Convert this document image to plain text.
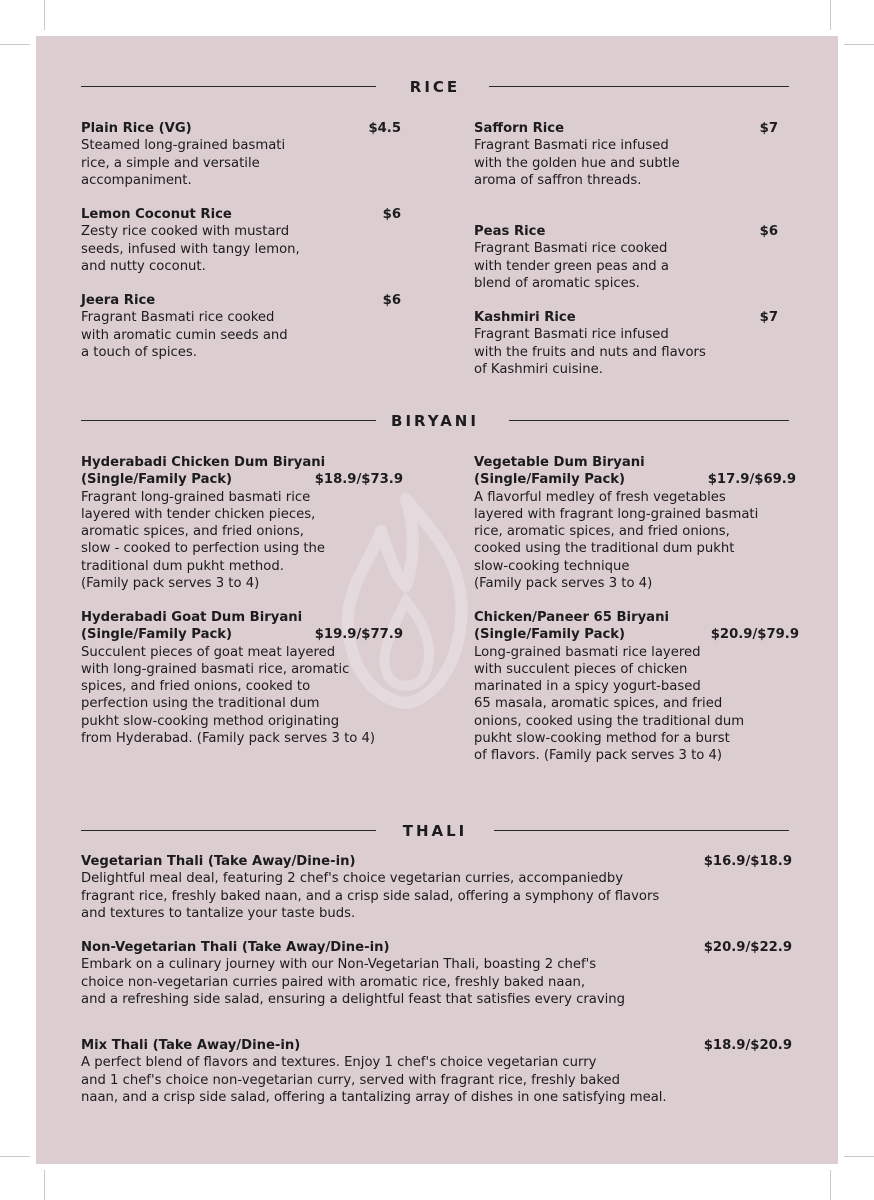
RICE
Plain Rice (VG)	$4.5

Steamed long-grained basmati
rice, a simple and versatile
accompaniment.

Lemon Coconut Rice	$6

Zesty rice cooked with mustard
seeds, infused with tangy lemon,
and nutty coconut.

Jeera Rice	$6

Fragrant Basmati rice cooked
with aromatic cumin seeds and
a touch of spices.

Safforn Rice	$7

Fragrant Basmati rice infused
with the golden hue and subtle
aroma of saffron threads.

Peas Rice	$6

Fragrant Basmati rice cooked
with tender green peas and a
blend of aromatic spices.

Kashmiri Rice	$7

Fragrant Basmati rice infused
with the fruits and nuts and flavors
of Kashmiri cuisine.

BIRYANI
Hyderabadi Chicken Dum Biryani
(Single/Family Pack)	$18.9/$73.9

Fragrant long-grained basmati rice
layered with tender chicken pieces,
aromatic spices, and fried onions,
slow - cooked to perfection using the
traditional dum pukht method.
(Family pack serves 3 to 4)

Hyderabadi Goat Dum Biryani
(Single/Family Pack)	$19.9/$77.9

Succulent pieces of goat meat layered
with long-grained basmati rice, aromatic
spices, and fried onions, cooked to
perfection using the traditional dum
pukht slow-cooking method originating
from Hyderabad. (Family pack serves 3 to 4)

Vegetable Dum Biryani
(Single/Family Pack)	$17.9/$69.9

A flavorful medley of fresh vegetables
layered with fragrant long-grained basmati
rice, aromatic spices, and fried onions,
cooked using the traditional dum pukht
slow-cooking technique
(Family pack serves 3 to 4)

Chicken/Paneer 65 Biryani
(Single/Family Pack)	$20.9/$79.9

Long-grained basmati rice layered
with succulent pieces of chicken
marinated in a spicy yogurt-based
65 masala, aromatic spices, and fried
onions, cooked using the traditional dum
pukht slow-cooking method for a burst
of flavors. (Family pack serves 3 to 4)

THALI
Vegetarian Thali (Take Away/Dine-in)	$16.9/$18.9

Delightful meal deal, featuring 2 chef's choice vegetarian curries, accompaniedby
fragrant rice, freshly baked naan, and a crisp side salad, offering a symphony of flavors
and textures to tantalize your taste buds.

Non-Vegetarian Thali (Take Away/Dine-in)	$20.9/$22.9

Embark on a culinary journey with our Non-Vegetarian Thali, boasting 2 chef's
choice non-vegetarian curries paired with aromatic rice, freshly baked naan,
and a refreshing side salad, ensuring a delightful feast that satisfies every craving

Mix Thali (Take Away/Dine-in)	$18.9/$20.9

A perfect blend of flavors and textures. Enjoy 1 chef's choice vegetarian curry
and 1 chef's choice non-vegetarian curry, served with fragrant rice, freshly baked
naan, and a crisp side salad, offering a tantalizing array of dishes in one satisfying meal.
